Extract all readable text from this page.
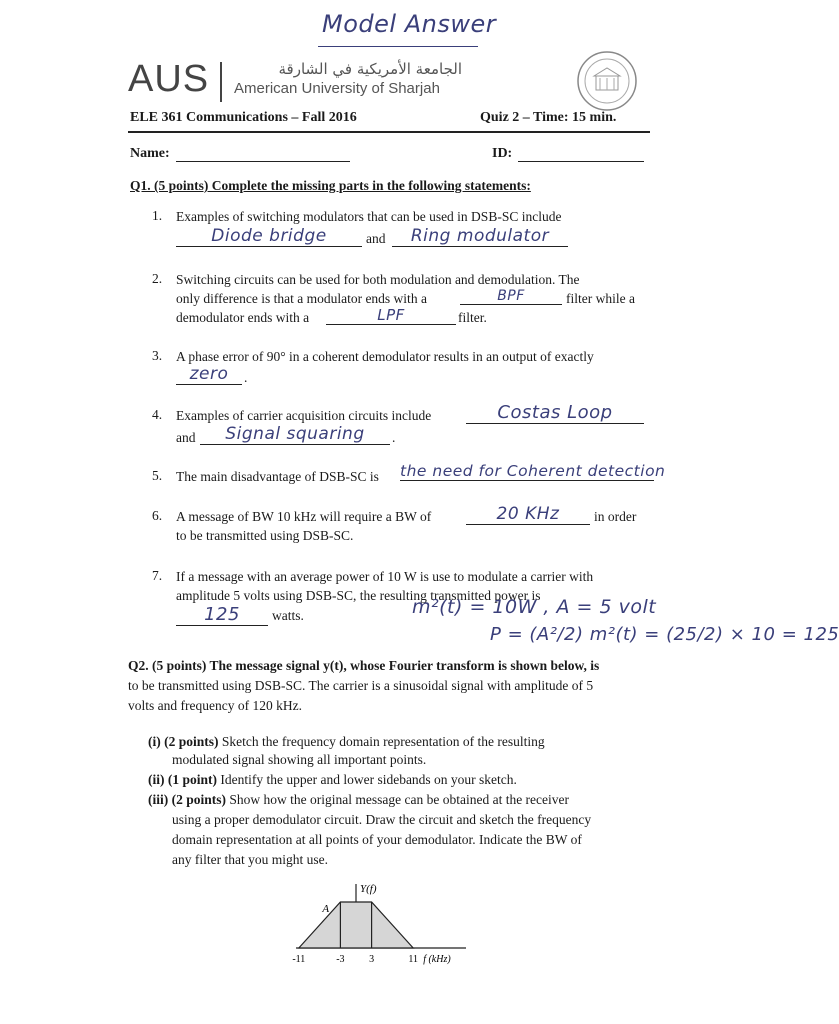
Model Answer
AUS	الجامعة الأمريكية في الشارقة
American University of Sharjah
ELE 361 Communications – Fall 2016	Quiz 2 – Time: 15 min.
Name:	ID:
Q1. (5 points) Complete the missing parts in the following statements:
1. Examples of switching modulators that can be used in DSB-SC include
Diode bridge	and	Ring modulator
2. Switching circuits can be used for both modulation and demodulation. The
only difference is that a modulator ends with a	BPF	filter while a
demodulator ends with a	LPF	filter.
3. A phase error of 90° in a coherent demodulator results in an output of exactly
zero	.
4. Examples of carrier acquisition circuits include	Costas Loop
and	Signal squaring	.
5. The main disadvantage of DSB-SC is the need for Coherent detection
6. A message of BW 10 kHz will require a BW of	20 KHz	in order
to be transmitted using DSB-SC.
7. If a message with an average power of 10 W is use to modulate a carrier with
amplitude 5 volts using DSB-SC, the resulting transmitted power is
125	watts.	m²(t) = 10W , A = 5 volt
P = (A²/2) m²(t) = (25/2) × 10 = 125
Q2. (5 points) The message signal y(t), whose Fourier transform is shown below, is
to be transmitted using DSB-SC. The carrier is a sinusoidal signal with amplitude of 5
volts and frequency of 120 kHz.
(i) (2 points) Sketch the frequency domain representation of the resulting
modulated signal showing all important points.
(ii) (1 point) Identify the upper and lower sidebands on your sketch.
(iii) (2 points) Show how the original message can be obtained at the receiver
using a proper demodulator circuit. Draw the circuit and sketch the frequency
domain representation at all points of your demodulator. Indicate the BW of
any filter that you might use.
A
Y(f)
-11	-3 3	11 f (kHz)
